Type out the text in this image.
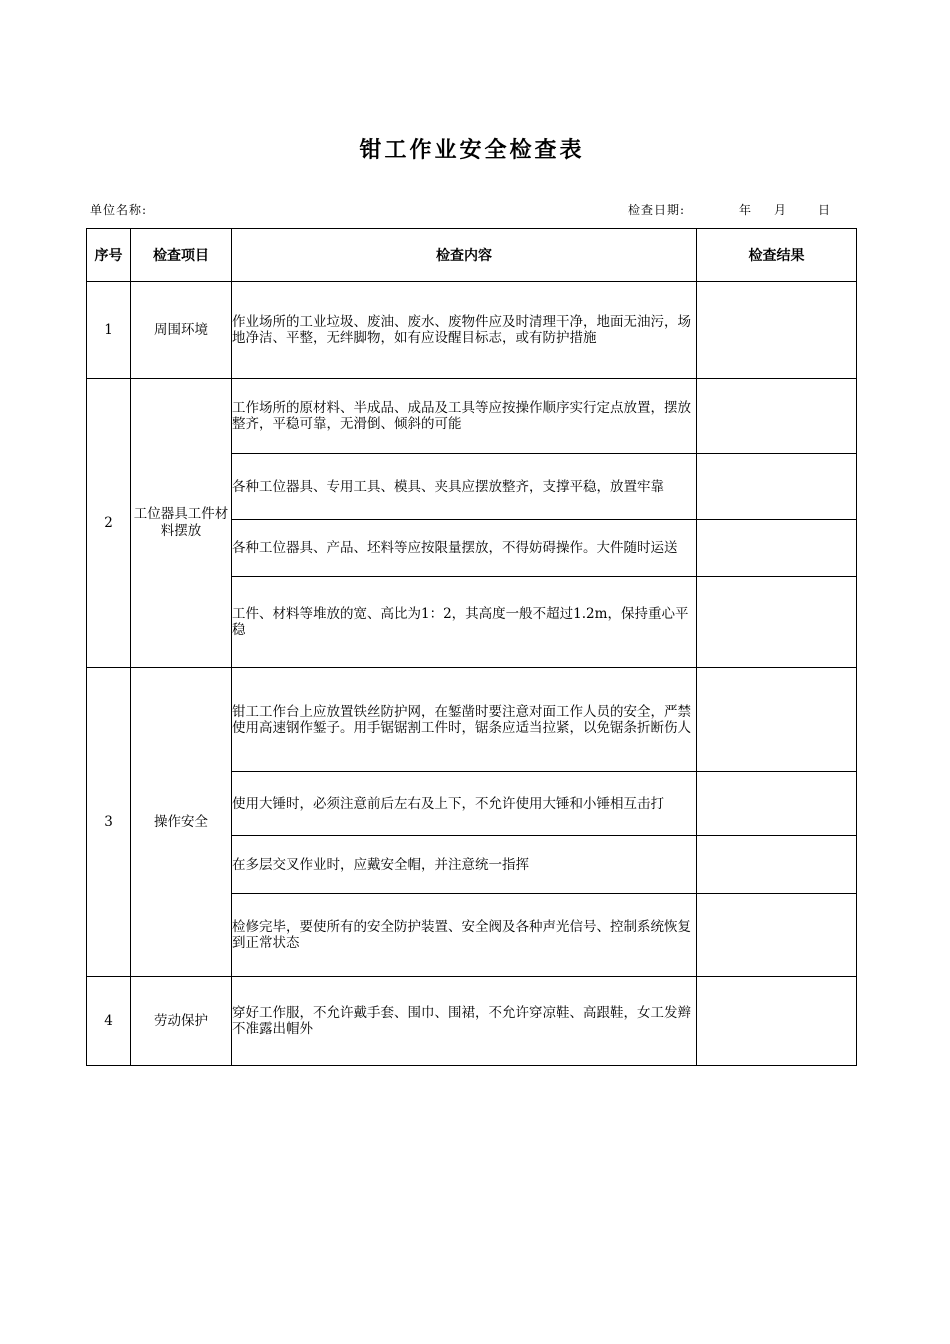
钳工作业安全检查表
单位名称:	检查日期:	年 月	日
序号	检查项目	检查内容	检查结果
1	周围环境	作业场所的工业垃圾、废油、废水、废物件应及时清理干净，地面无油污，场地净洁、平整，无绊脚物，如有应设醒目标志，或有防护措施	
2	工位器具工件材料摆放	工作场所的原材料、半成品、成品及工具等应按操作顺序实行定点放置，摆放整齐，平稳可靠，无滑倒、倾斜的可能	
		各种工位器具、专用工具、模具、夹具应摆放整齐，支撑平稳，放置牢靠	
		各种工位器具、产品、坯料等应按限量摆放，不得妨碍操作。大件随时运送	
		工件、材料等堆放的宽、高比为1：2，其高度一般不超过1.2m，保持重心平稳	
3	操作安全	钳工工作台上应放置铁丝防护网，在錾凿时要注意对面工作人员的安全，严禁使用高速钢作錾子。用手锯锯割工件时，锯条应适当拉紧，以免锯条折断伤人	
		使用大锤时，必须注意前后左右及上下，不允许使用大锤和小锤相互击打	
		在多层交叉作业时，应戴安全帽，并注意统一指挥	
		检修完毕，要使所有的安全防护装置、安全阀及各种声光信号、控制系统恢复到正常状态	
4	劳动保护	穿好工作服，不允许戴手套、围巾、围裙，不允许穿凉鞋、高跟鞋，女工发辫不准露出帽外	
